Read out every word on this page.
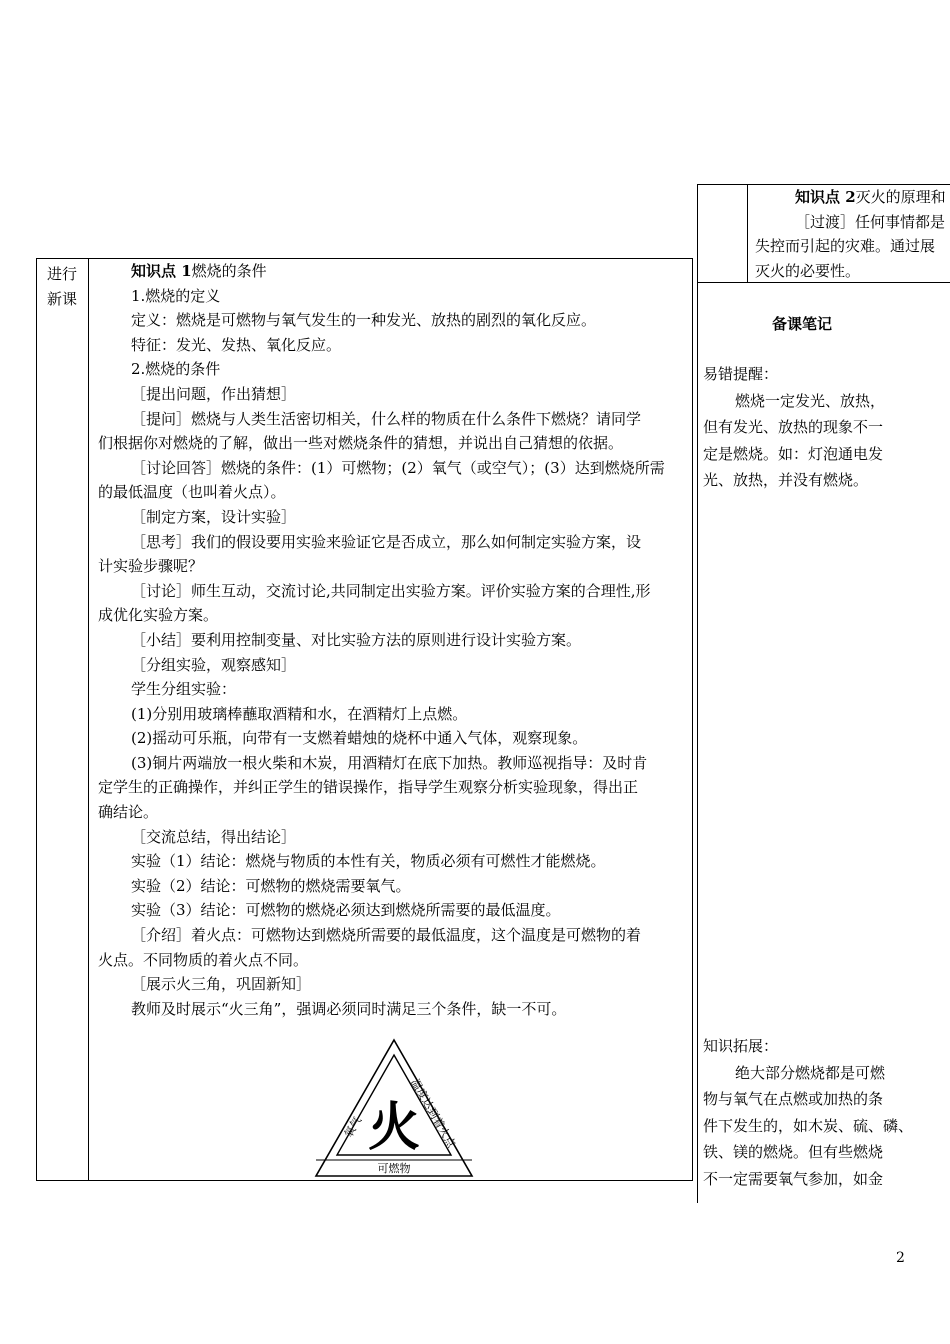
进行
新课
知识点 1燃烧的条件
1.燃烧的定义
定义：燃烧是可燃物与氧气发生的一种发光、放热的剧烈的氧化反应。
特征：发光、发热、氧化反应。
2.燃烧的条件
［提出问题，作出猜想］
［提问］燃烧与人类生活密切相关，什么样的物质在什么条件下燃烧？请同学
们根据你对燃烧的了解，做出一些对燃烧条件的猜想，并说出自己猜想的依据。
［讨论回答］燃烧的条件：(1）可燃物；(2）氧气（或空气）；(3）达到燃烧所需
的最低温度（也叫着火点）。
［制定方案，设计实验］
［思考］我们的假设要用实验来验证它是否成立，那么如何制定实验方案，设
计实验步骤呢？
［讨论］师生互动，交流讨论,共同制定出实验方案。评价实验方案的合理性,形
成优化实验方案。
［小结］要利用控制变量、对比实验方法的原则进行设计实验方案。
［分组实验，观察感知］
学生分组实验：
(1)分别用玻璃棒蘸取酒精和水，在酒精灯上点燃。
(2)摇动可乐瓶，向带有一支燃着蜡烛的烧杯中通入气体，观察现象。
(3)铜片两端放一根火柴和木炭，用酒精灯在底下加热。教师巡视指导：及时肯
定学生的正确操作，并纠正学生的错误操作，指导学生观察分析实验现象，得出正
确结论。
［交流总结，得出结论］
实验（1）结论：燃烧与物质的本性有关，物质必须有可燃性才能燃烧。
实验（2）结论：可燃物的燃烧需要氧气。
实验（3）结论：可燃物的燃烧必须达到燃烧所需要的最低温度。
［介绍］着火点：可燃物达到燃烧所需要的最低温度，这个温度是可燃物的着
火点。不同物质的着火点不同。
［展示火三角，巩固新知］
教师及时展示“火三角”，强调必须同时满足三个条件，缺一不可。
火
氧气	温度达到着火点
可燃物
知识点 2灭火的原理和
［过渡］任何事情都是
失控而引起的灾难。通过展
灭火的必要性。
备课笔记
易错提醒：
燃烧一定发光、放热，
但有发光、放热的现象不一
定是燃烧。如：灯泡通电发
光、放热，并没有燃烧。
知识拓展：
绝大部分燃烧都是可燃
物与氧气在点燃或加热的条
件下发生的，如木炭、硫、磷、
铁、镁的燃烧。但有些燃烧
不一定需要氧气参加，如金
2
